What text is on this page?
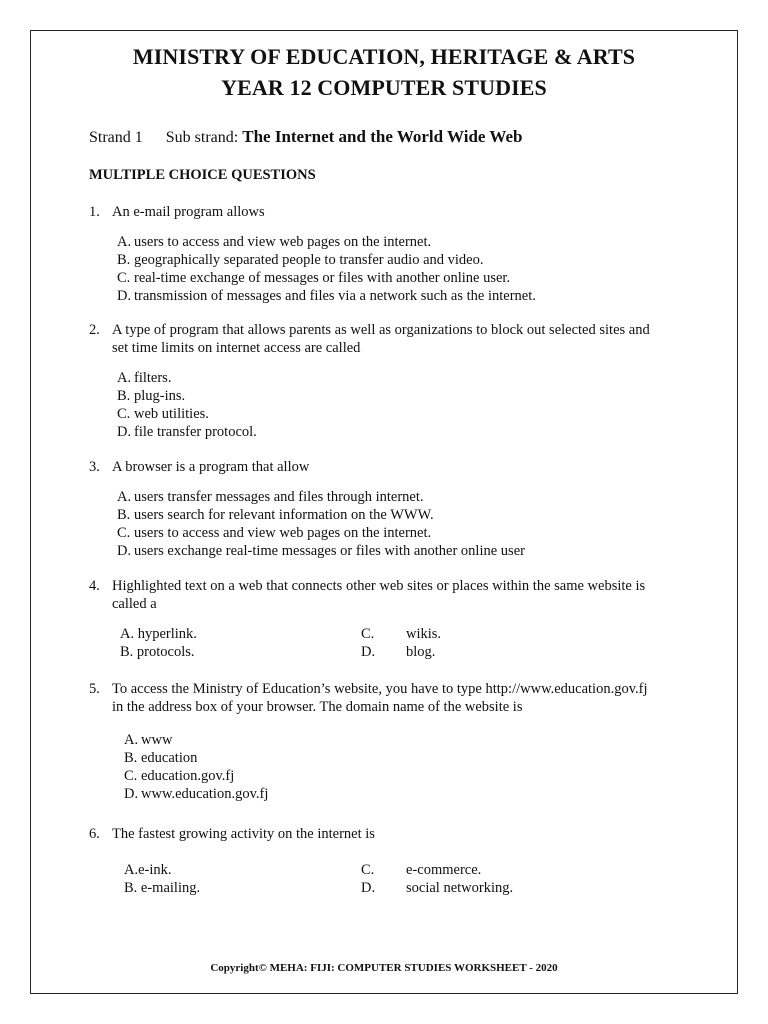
MINISTRY OF EDUCATION, HERITAGE & ARTS
YEAR 12 COMPUTER STUDIES
Strand 1 Sub strand: The Internet and the World Wide Web
MULTIPLE CHOICE QUESTIONS
1. An e-mail program allows
A. users to access and view web pages on the internet.
B. geographically separated people to transfer audio and video.
C. real-time exchange of messages or files with another online user.
D. transmission of messages and files via a network such as the internet.
2. A type of program that allows parents as well as organizations to block out selected sites and
set time limits on internet access are called
A. filters.
B. plug-ins.
C. web utilities.
D. file transfer protocol.
3. A browser is a program that allow
A. users transfer messages and files through internet.
B. users search for relevant information on the WWW.
C. users to access and view web pages on the internet.
D. users exchange real-time messages or files with another online user
4. Highlighted text on a web that connects other web sites or places within the same website is
called a
A. hyperlink.	C. wikis.
B. protocols.	D. blog.
5. To access the Ministry of Education’s website, you have to type http://www.education.gov.fj
in the address box of your browser. The domain name of the website is
A. www
B. education
C. education.gov.fj
D. www.education.gov.fj
6. The fastest growing activity on the internet is
A.e-ink.	C. e-commerce.
B. e-mailing.	D. social networking.
Copyright© MEHA: FIJI: COMPUTER STUDIES WORKSHEET - 2020
